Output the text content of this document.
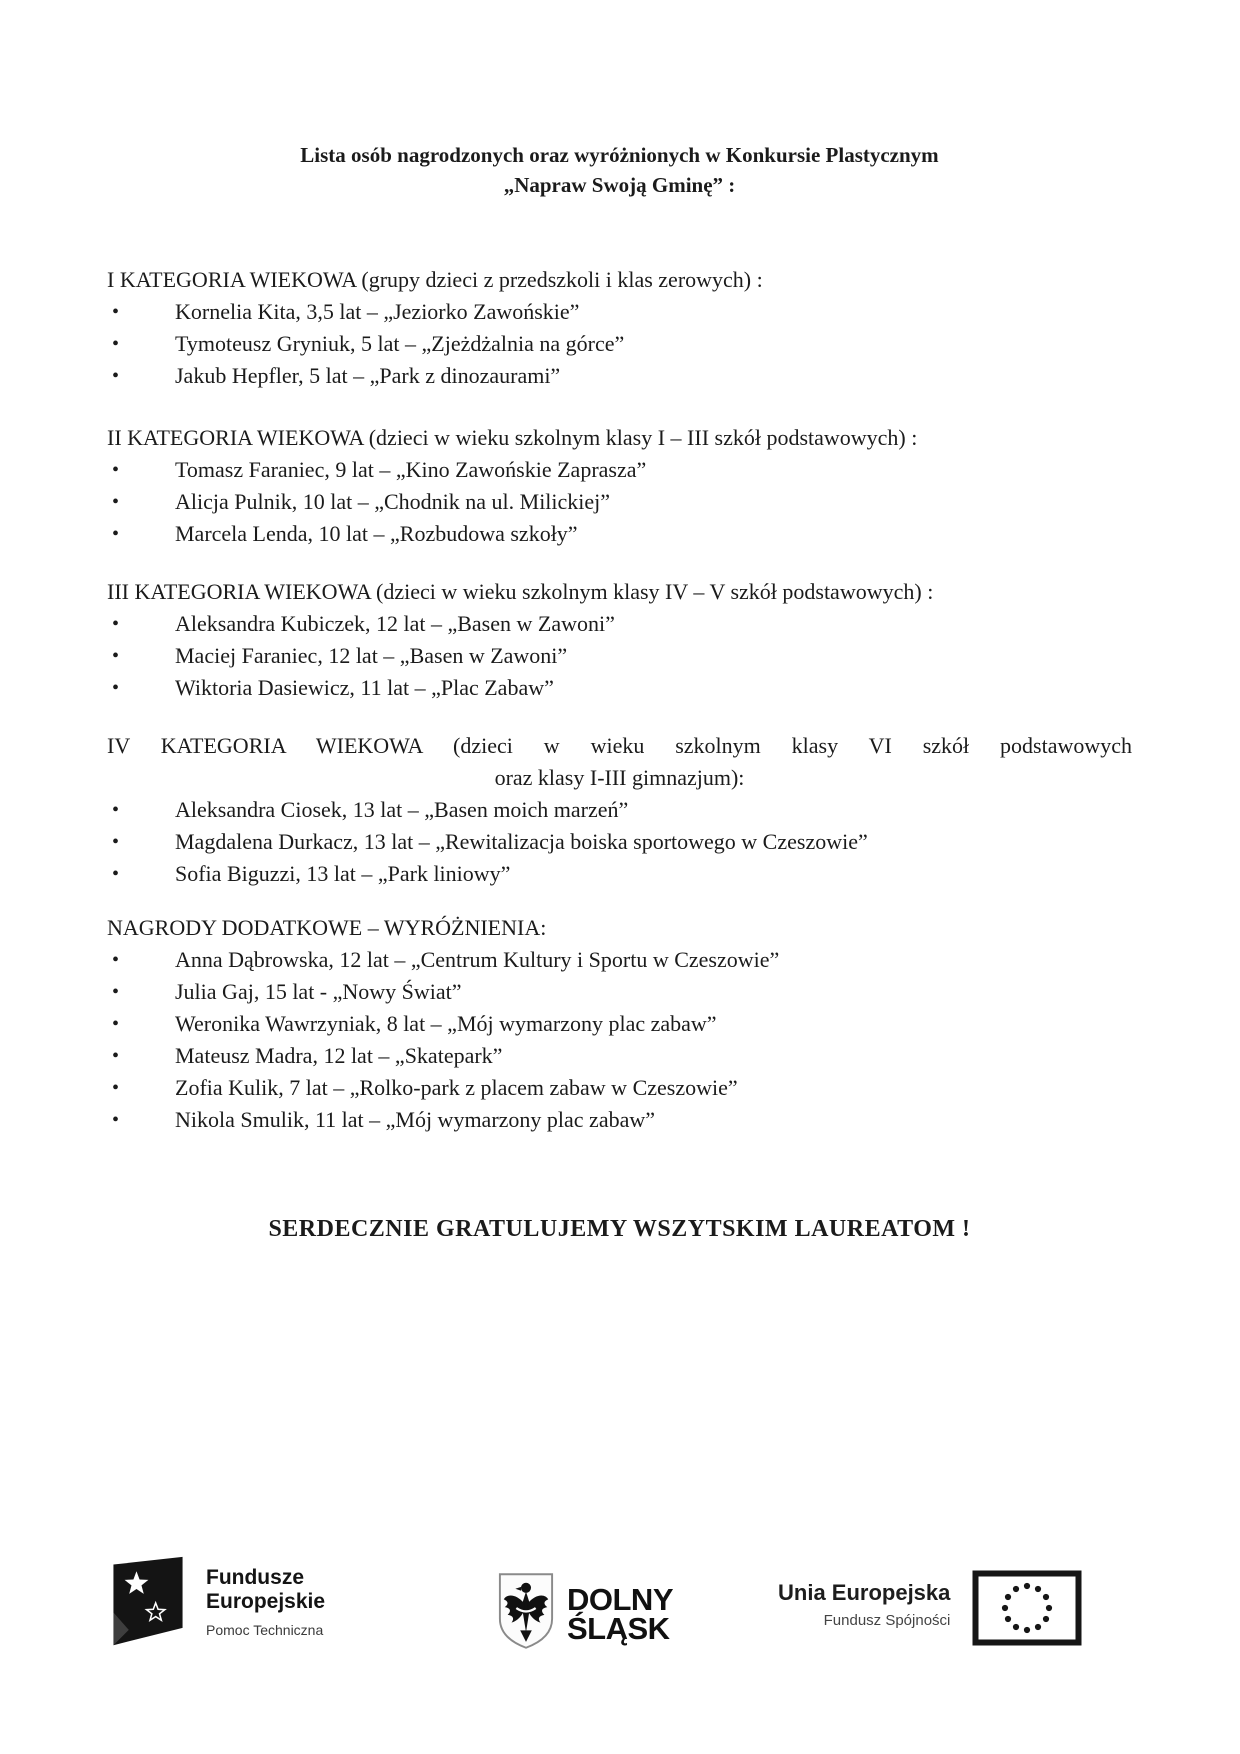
Lista osób nagrodzonych oraz wyróżnionych w Konkursie Plastycznym
„Napraw Swoją Gminę” :
I KATEGORIA WIEKOWA (grupy dzieci z przedszkoli i klas zerowych) :
•	Kornelia Kita, 3,5 lat – „Jeziorko Zawońskie”
•	Tymoteusz Gryniuk, 5 lat – „Zjeżdżalnia na górce”
•	Jakub Hepfler, 5 lat – „Park z dinozaurami”
II KATEGORIA WIEKOWA (dzieci w wieku szkolnym klasy I – III szkół podstawowych) :
•	Tomasz Faraniec, 9 lat – „Kino Zawońskie Zaprasza”
•	Alicja Pulnik, 10 lat – „Chodnik na ul. Milickiej”
•	Marcela Lenda, 10 lat – „Rozbudowa szkoły”
III KATEGORIA WIEKOWA (dzieci w wieku szkolnym klasy IV – V szkół podstawowych) :
•	Aleksandra Kubiczek, 12 lat – „Basen w Zawoni”
•	Maciej Faraniec, 12 lat – „Basen w Zawoni”
•	Wiktoria Dasiewicz, 11 lat – „Plac Zabaw”
IV KATEGORIA WIEKOWA (dzieci w wieku szkolnym klasy VI szkół podstawowych
oraz klasy I-III gimnazjum):
•	Aleksandra Ciosek, 13 lat – „Basen moich marzeń”
•	Magdalena Durkacz, 13 lat – „Rewitalizacja boiska sportowego w Czeszowie”
•	Sofia Biguzzi, 13 lat – „Park liniowy”
NAGRODY DODATKOWE – WYRÓŻNIENIA:
•	Anna Dąbrowska, 12 lat – „Centrum Kultury i Sportu w Czeszowie”
•	Julia Gaj, 15 lat - „Nowy Świat”
•	Weronika Wawrzyniak, 8 lat – „Mój wymarzony plac zabaw”
•	Mateusz Madra, 12 lat – „Skatepark”
•	Zofia Kulik, 7 lat – „Rolko-park z placem zabaw w Czeszowie”
•	Nikola Smulik, 11 lat – „Mój wymarzony plac zabaw”
SERDECZNIE GRATULUJEMY WSZYTSKIM LAUREATOM !
Fundusze
Europejskie
Pomoc Techniczna
DOLNY
ŚLĄSK
Unia Europejska
Fundusz Spójności
